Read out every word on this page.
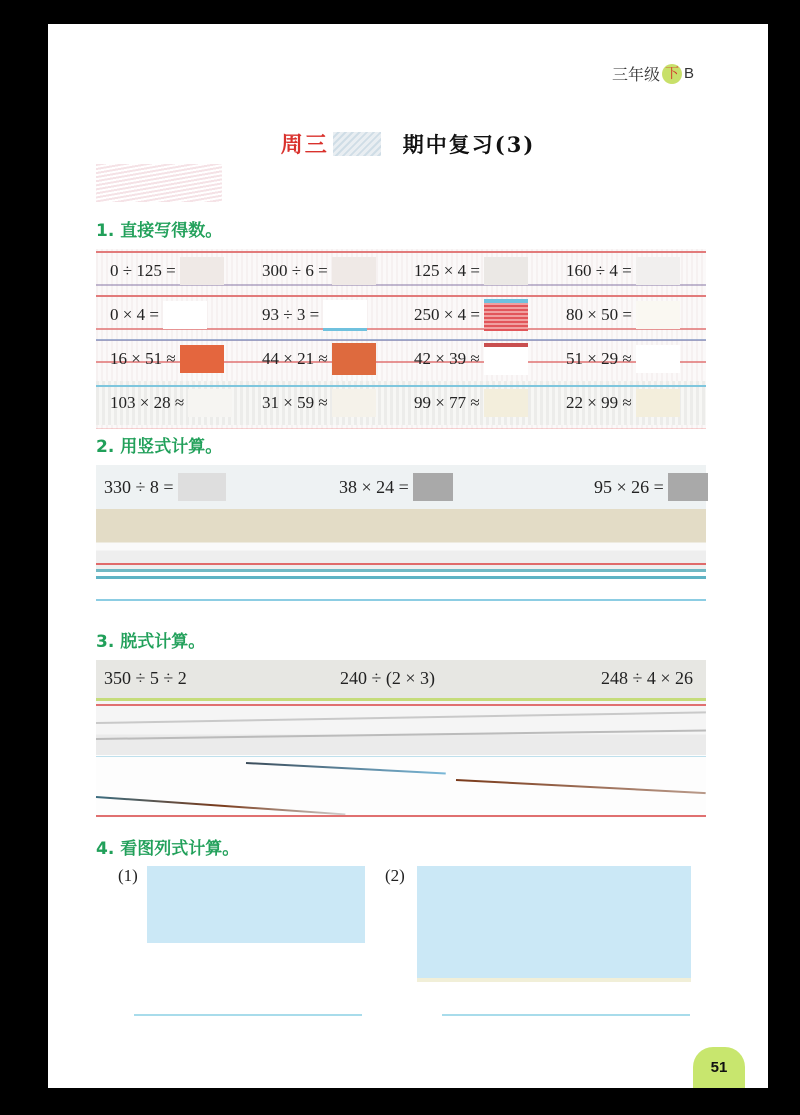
三年级 下 B
周三	期中复习(3)
1. 直接写得数。
0 ÷ 125 =	300 ÷ 6 =	125 × 4 =	160 ÷ 4 =
0 × 4 =	93 ÷ 3 =	250 × 4 =	80 × 50 =
16 × 51 ≈	44 × 21 ≈	42 × 39 ≈	51 × 29 ≈
103 × 28 ≈	31 × 59 ≈	99 × 77 ≈	22 × 99 ≈
2. 用竖式计算。
330 ÷ 8 =	38 × 24 =	95 × 26 =
3. 脱式计算。
350 ÷ 5 ÷ 2	240 ÷ (2 × 3)	248 ÷ 4 × 26
4. 看图列式计算。
(1)	(2)
51
